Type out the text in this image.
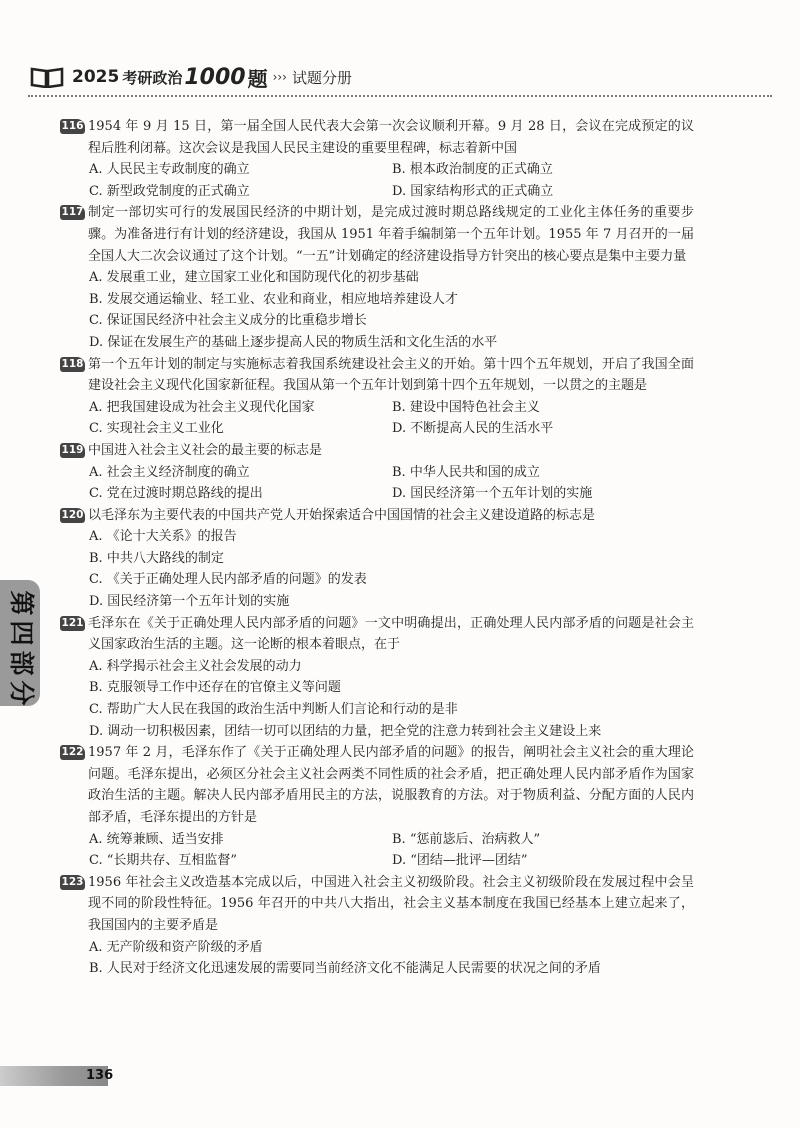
2025 考研政治 1000 题 ››› 试题分册
116 1954 年 9 月 15 日，第一届全国人民代表大会第一次会议顺利开幕。9 月 28 日，会议在完成预定的议程后胜利闭幕。这次会议是我国人民民主建设的重要里程碑，标志着新中国

A. 人民民主专政制度的确立	B. 根本政治制度的正式确立
C. 新型政党制度的正式确立	D. 国家结构形式的正式确立
117 制定一部切实可行的发展国民经济的中期计划，是完成过渡时期总路线规定的工业化主体任务的重要步骤。为准备进行有计划的经济建设，我国从 1951 年着手编制第一个五年计划。1955 年 7 月召开的一届全国人大二次会议通过了这个计划。“一五”计划确定的经济建设指导方针突出的核心要点是集中主要力量

A. 发展重工业，建立国家工业化和国防现代化的初步基础
B. 发展交通运输业、轻工业、农业和商业，相应地培养建设人才
C. 保证国民经济中社会主义成分的比重稳步增长
D. 保证在发展生产的基础上逐步提高人民的物质生活和文化生活的水平
118 第一个五年计划的制定与实施标志着我国系统建设社会主义的开始。第十四个五年规划，开启了我国全面建设社会主义现代化国家新征程。我国从第一个五年计划到第十四个五年规划，一以贯之的主题是

A. 把我国建设成为社会主义现代化国家	B. 建设中国特色社会主义
C. 实现社会主义工业化	D. 不断提高人民的生活水平
119 中国进入社会主义社会的最主要的标志是

A. 社会主义经济制度的确立	B. 中华人民共和国的成立
C. 党在过渡时期总路线的提出	D. 国民经济第一个五年计划的实施
120 以毛泽东为主要代表的中国共产党人开始探索适合中国国情的社会主义建设道路的标志是

A. 《论十大关系》的报告
B. 中共八大路线的制定
C. 《关于正确处理人民内部矛盾的问题》的发表
D. 国民经济第一个五年计划的实施
121 毛泽东在《关于正确处理人民内部矛盾的问题》一文中明确提出，正确处理人民内部矛盾的问题是社会主义国家政治生活的主题。这一论断的根本着眼点，在于

A. 科学揭示社会主义社会发展的动力
B. 克服领导工作中还存在的官僚主义等问题
C. 帮助广大人民在我国的政治生活中判断人们言论和行动的是非
D. 调动一切积极因素，团结一切可以团结的力量，把全党的注意力转到社会主义建设上来
122 1957 年 2 月，毛泽东作了《关于正确处理人民内部矛盾的问题》的报告，阐明社会主义社会的重大理论问题。毛泽东提出，必须区分社会主义社会两类不同性质的社会矛盾，把正确处理人民内部矛盾作为国家政治生活的主题。解决人民内部矛盾用民主的方法，说服教育的方法。对于物质利益、分配方面的人民内部矛盾，毛泽东提出的方针是

A. 统筹兼顾、适当安排	B. “惩前毖后、治病救人”
C. “长期共存、互相监督”	D. “团结—批评—团结”
123 1956 年社会主义改造基本完成以后，中国进入社会主义初级阶段。社会主义初级阶段在发展过程中会呈现不同的阶段性特征。1956 年召开的中共八大指出，社会主义基本制度在我国已经基本上建立起来了，我国国内的主要矛盾是

A. 无产阶级和资产阶级的矛盾
B. 人民对于经济文化迅速发展的需要同当前经济文化不能满足人民需要的状况之间的矛盾
第
四
部
分
136
